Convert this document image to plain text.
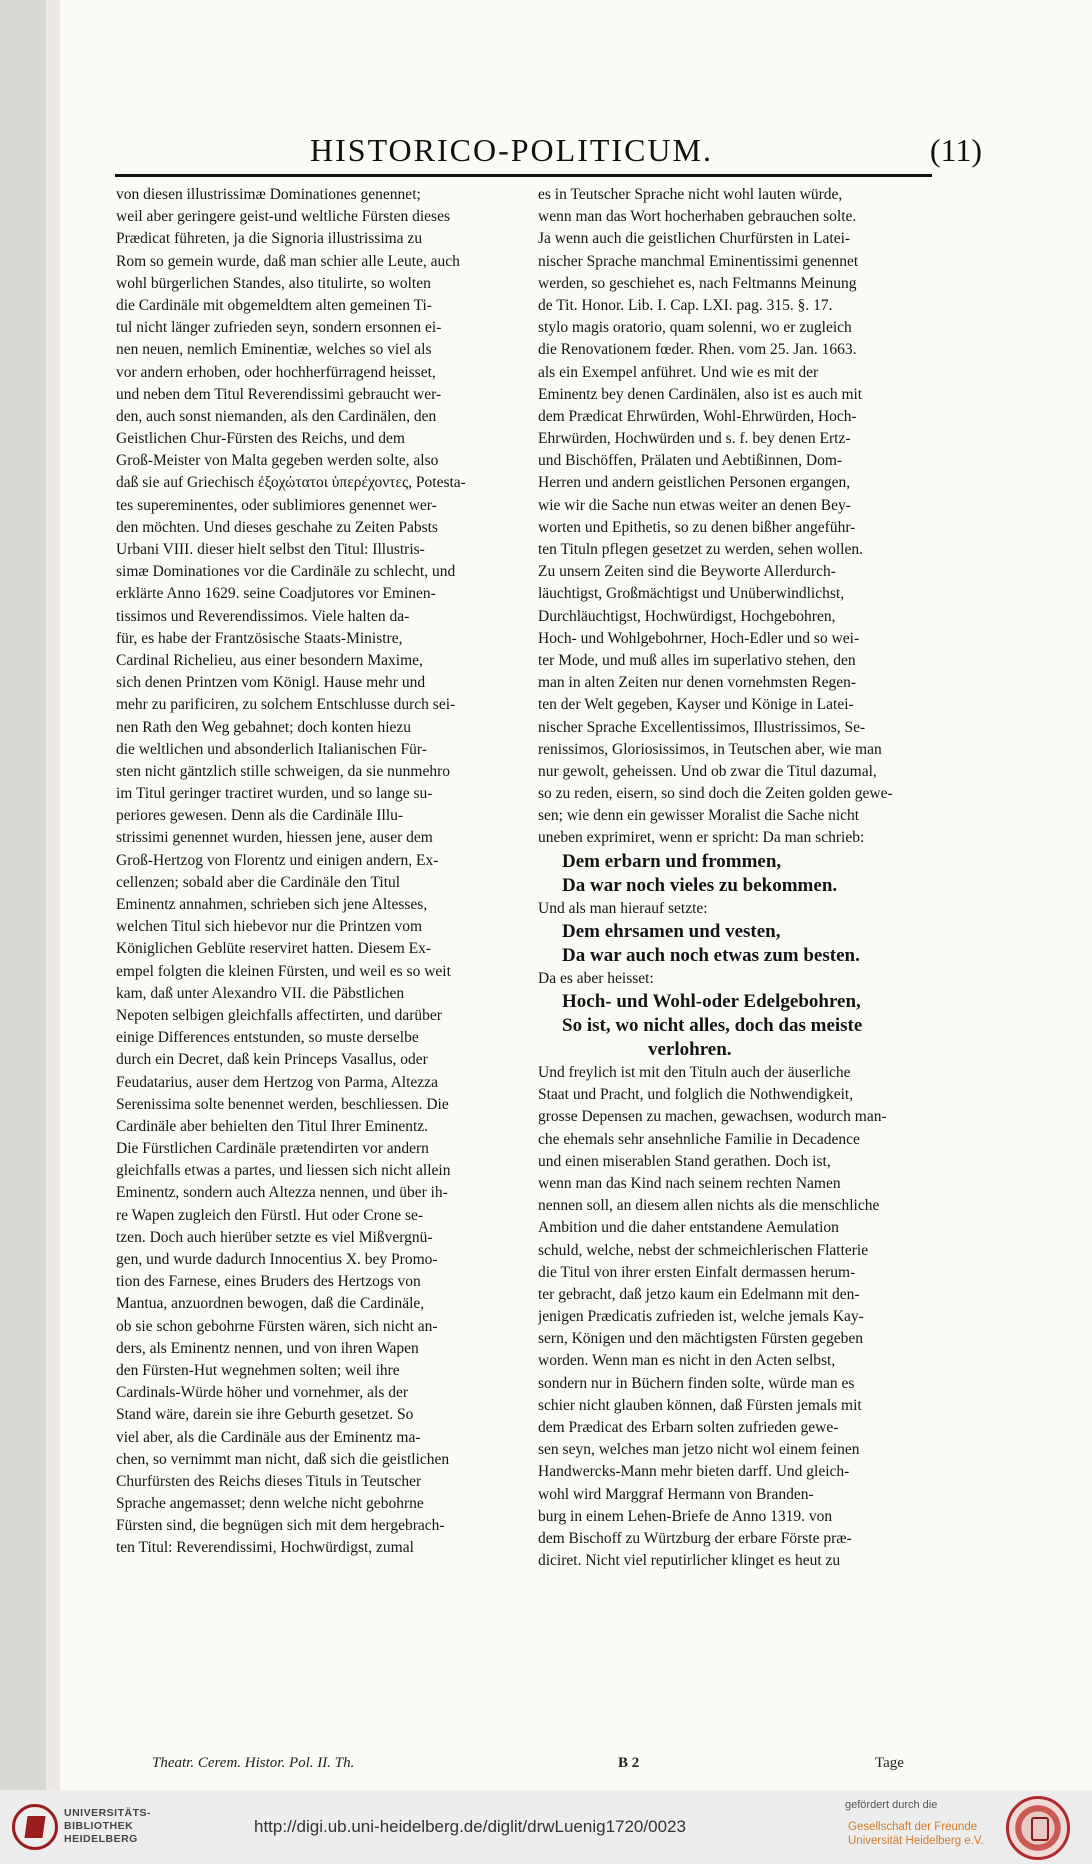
HISTORICO-POLITICUM.	(11)
von diesen illustrissimæ Dominationes genennet;
weil aber geringere geist-und weltliche Fürsten dieses
Prædicat führeten, ja die Signoria illustrissima zu
Rom so gemein wurde, daß man schier alle Leute, auch
wohl bürgerlichen Standes, also titulirte, so wolten
die Cardinäle mit obgemeldtem alten gemeinen Ti-
tul nicht länger zufrieden seyn, sondern ersonnen ei-
nen neuen, nemlich Eminentiæ, welches so viel als
vor andern erhoben, oder hochherfürragend heisset,
und neben dem Titul Reverendissimi gebraucht wer-
den, auch sonst niemanden, als den Cardinälen, den
Geistlichen Chur-Fürsten des Reichs, und dem
Groß-Meister von Malta gegeben werden solte, also
daß sie auf Griechisch ἐξοχώτατοι ὑπερέχοντες, Potesta-
tes supereminentes, oder sublimiores genennet wer-
den möchten. Und dieses geschahe zu Zeiten Pabsts
Urbani VIII. dieser hielt selbst den Titul: Illustris-
simæ Dominationes vor die Cardinäle zu schlecht, und
erklärte Anno 1629. seine Coadjutores vor Eminen-
tissimos und Reverendissimos. Viele halten da-
für, es habe der Frantzösische Staats-Ministre,
Cardinal Richelieu, aus einer besondern Maxime,
sich denen Printzen vom Königl. Hause mehr und
mehr zu parificiren, zu solchem Entschlusse durch sei-
nen Rath den Weg gebahnet; doch konten hiezu
die weltlichen und absonderlich Italianischen Für-
sten nicht gäntzlich stille schweigen, da sie nunmehro
im Titul geringer tractiret wurden, und so lange su-
periores gewesen. Denn als die Cardinäle Illu-
strissimi genennet wurden, hiessen jene, auser dem
Groß-Hertzog von Florentz und einigen andern, Ex-
cellenzen; sobald aber die Cardinäle den Titul
Eminentz annahmen, schrieben sich jene Altesses,
welchen Titul sich hiebevor nur die Printzen vom
Königlichen Geblüte reserviret hatten. Diesem Ex-
empel folgten die kleinen Fürsten, und weil es so weit
kam, daß unter Alexandro VII. die Päbstlichen
Nepoten selbigen gleichfalls affectirten, und darüber
einige Differences entstunden, so muste derselbe
durch ein Decret, daß kein Princeps Vasallus, oder
Feudatarius, auser dem Hertzog von Parma, Altezza
Serenissima solte benennet werden, beschliessen. Die
Cardinäle aber behielten den Titul Ihrer Eminentz.
Die Fürstlichen Cardinäle prætendirten vor andern
gleichfalls etwas a partes, und liessen sich nicht allein
Eminentz, sondern auch Altezza nennen, und über ih-
re Wapen zugleich den Fürstl. Hut oder Crone se-
tzen. Doch auch hierüber setzte es viel Mißvergnü-
gen, und wurde dadurch Innocentius X. bey Promo-
tion des Farnese, eines Bruders des Hertzogs von
Mantua, anzuordnen bewogen, daß die Cardinäle,
ob sie schon gebohrne Fürsten wären, sich nicht an-
ders, als Eminentz nennen, und von ihren Wapen
den Fürsten-Hut wegnehmen solten; weil ihre
Cardinals-Würde höher und vornehmer, als der
Stand wäre, darein sie ihre Geburth gesetzet. So
viel aber, als die Cardinäle aus der Eminentz ma-
chen, so vernimmt man nicht, daß sich die geistlichen
Churfürsten des Reichs dieses Tituls in Teutscher
Sprache angemasset; denn welche nicht gebohrne
Fürsten sind, die begnügen sich mit dem hergebrach-
ten Titul: Reverendissimi, Hochwürdigst, zumal
es in Teutscher Sprache nicht wohl lauten würde,
wenn man das Wort hocherhaben gebrauchen solte.
Ja wenn auch die geistlichen Churfürsten in Latei-
nischer Sprache manchmal Eminentissimi genennet
werden, so geschiehet es, nach Feltmanns Meinung
de Tit. Honor. Lib. I. Cap. LXI. pag. 315. §. 17.
stylo magis oratorio, quam solenni, wo er zugleich
die Renovationem fœder. Rhen. vom 25. Jan. 1663.
als ein Exempel anführet. Und wie es mit der
Eminentz bey denen Cardinälen, also ist es auch mit
dem Prædicat Ehrwürden, Wohl-Ehrwürden, Hoch-
Ehrwürden, Hochwürden und s. f. bey denen Ertz-
und Bischöffen, Prälaten und Aebtißinnen, Dom-
Herren und andern geistlichen Personen ergangen,
wie wir die Sache nun etwas weiter an denen Bey-
worten und Epithetis, so zu denen bißher angeführ-
ten Tituln pflegen gesetzet zu werden, sehen wollen.
Zu unsern Zeiten sind die Beyworte Allerdurch-
läuchtigst, Großmächtigst und Unüberwindlichst,
Durchläuchtigst, Hochwürdigst, Hochgebohren,
Hoch- und Wohlgebohrner, Hoch-Edler und so wei-
ter Mode, und muß alles im superlativo stehen, den
man in alten Zeiten nur denen vornehmsten Regen-
ten der Welt gegeben, Kayser und Könige in Latei-
nischer Sprache Excellentissimos, Illustrissimos, Se-
renissimos, Gloriosissimos, in Teutschen aber, wie man
nur gewolt, geheissen. Und ob zwar die Titul dazumal,
so zu reden, eisern, so sind doch die Zeiten golden gewe-
sen; wie denn ein gewisser Moralist die Sache nicht
uneben exprimiret, wenn er spricht: Da man schrieb:
Dem erbarn und frommen,
Da war noch vieles zu bekommen.
Und als man hierauf setzte:
Dem ehrsamen und vesten,
Da war auch noch etwas zum besten.
Da es aber heisset:
Hoch- und Wohl-oder Edelgebohren,
So ist, wo nicht alles, doch das meiste
verlohren.
Und freylich ist mit den Tituln auch der äuserliche
Staat und Pracht, und folglich die Nothwendigkeit,
grosse Depensen zu machen, gewachsen, wodurch man-
che ehemals sehr ansehnliche Familie in Decadence
und einen miserablen Stand gerathen. Doch ist,
wenn man das Kind nach seinem rechten Namen
nennen soll, an diesem allen nichts als die menschliche
Ambition und die daher entstandene Aemulation
schuld, welche, nebst der schmeichlerischen Flatterie
die Titul von ihrer ersten Einfalt dermassen herum-
ter gebracht, daß jetzo kaum ein Edelmann mit den-
jenigen Prædicatis zufrieden ist, welche jemals Kay-
sern, Königen und den mächtigsten Fürsten gegeben
worden. Wenn man es nicht in den Acten selbst,
sondern nur in Büchern finden solte, würde man es
schier nicht glauben können, daß Fürsten jemals mit
dem Prædicat des Erbarn solten zufrieden gewe-
sen seyn, welches man jetzo nicht wol einem feinen
Handwercks-Mann mehr bieten darff. Und gleich-
wohl wird Marggraf Hermann von Branden-
burg in einem Lehen-Briefe de Anno 1319. von
dem Bischoff zu Würtzburg der erbare Förste præ-
diciret. Nicht viel reputirlicher klinget es heut zu
Theatr. Cerem. Histor. Pol. II. Th.	B 2	Tage
UNIVERSITÄTS-
BIBLIOTHEK
HEIDELBERG
http://digi.ub.uni-heidelberg.de/diglit/drwLuenig1720/0023
gefördert durch die
Gesellschaft der Freunde
Universität Heidelberg e.V.
